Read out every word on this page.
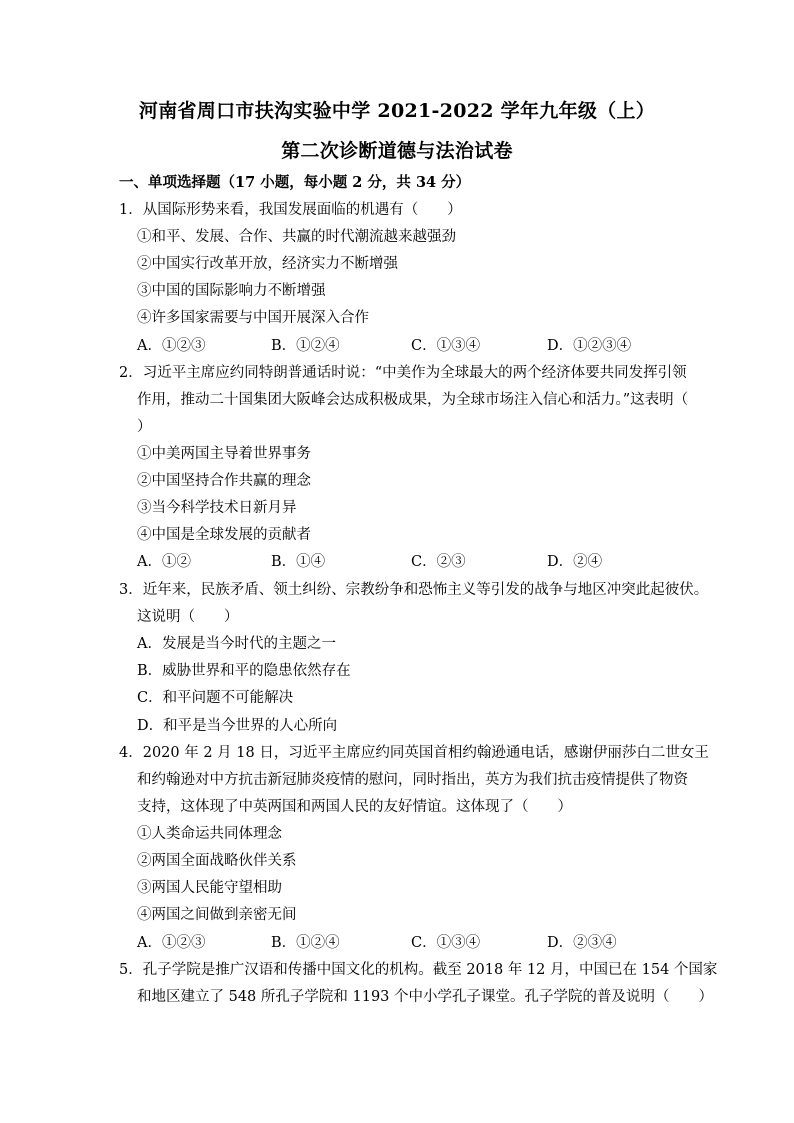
河南省周口市扶沟实验中学 2021-2022 学年九年级（上）
第二次诊断道德与法治试卷
一、单项选择题（17 小题，每小题 2 分，共 34 分）
1．从国际形势来看，我国发展面临的机遇有（　　）
①和平、发展、合作、共赢的时代潮流越来越强劲
②中国实行改革开放，经济实力不断增强
③中国的国际影响力不断增强
④许多国家需要与中国开展深入合作
A．①②③	B．①②④	C．①③④	D．①②③④
2．习近平主席应约同特朗普通话时说：“中美作为全球最大的两个经济体要共同发挥引领
作用，推动二十国集团大阪峰会达成积极成果，为全球市场注入信心和活力。”这表明（
）
①中美两国主导着世界事务
②中国坚持合作共赢的理念
③当今科学技术日新月异
④中国是全球发展的贡献者
A．①②	B．①④	C．②③	D．②④
3．近年来，民族矛盾、领土纠纷、宗教纷争和恐怖主义等引发的战争与地区冲突此起彼伏。
这说明（　　）
A．发展是当今时代的主题之一
B．威胁世界和平的隐患依然存在
C．和平问题不可能解决
D．和平是当今世界的人心所向
4．2020 年 2 月 18 日，习近平主席应约同英国首相约翰逊通电话，感谢伊丽莎白二世女王
和约翰逊对中方抗击新冠肺炎疫情的慰问，同时指出，英方为我们抗击疫情提供了物资
支持，这体现了中英两国和两国人民的友好情谊。这体现了（　　）
①人类命运共同体理念
②两国全面战略伙伴关系
③两国人民能守望相助
④两国之间做到亲密无间
A．①②③	B．①②④	C．①③④	D．②③④
5．孔子学院是推广汉语和传播中国文化的机构。截至 2018 年 12 月，中国已在 154 个国家
和地区建立了 548 所孔子学院和 1193 个中小学孔子课堂。孔子学院的普及说明（　　）
